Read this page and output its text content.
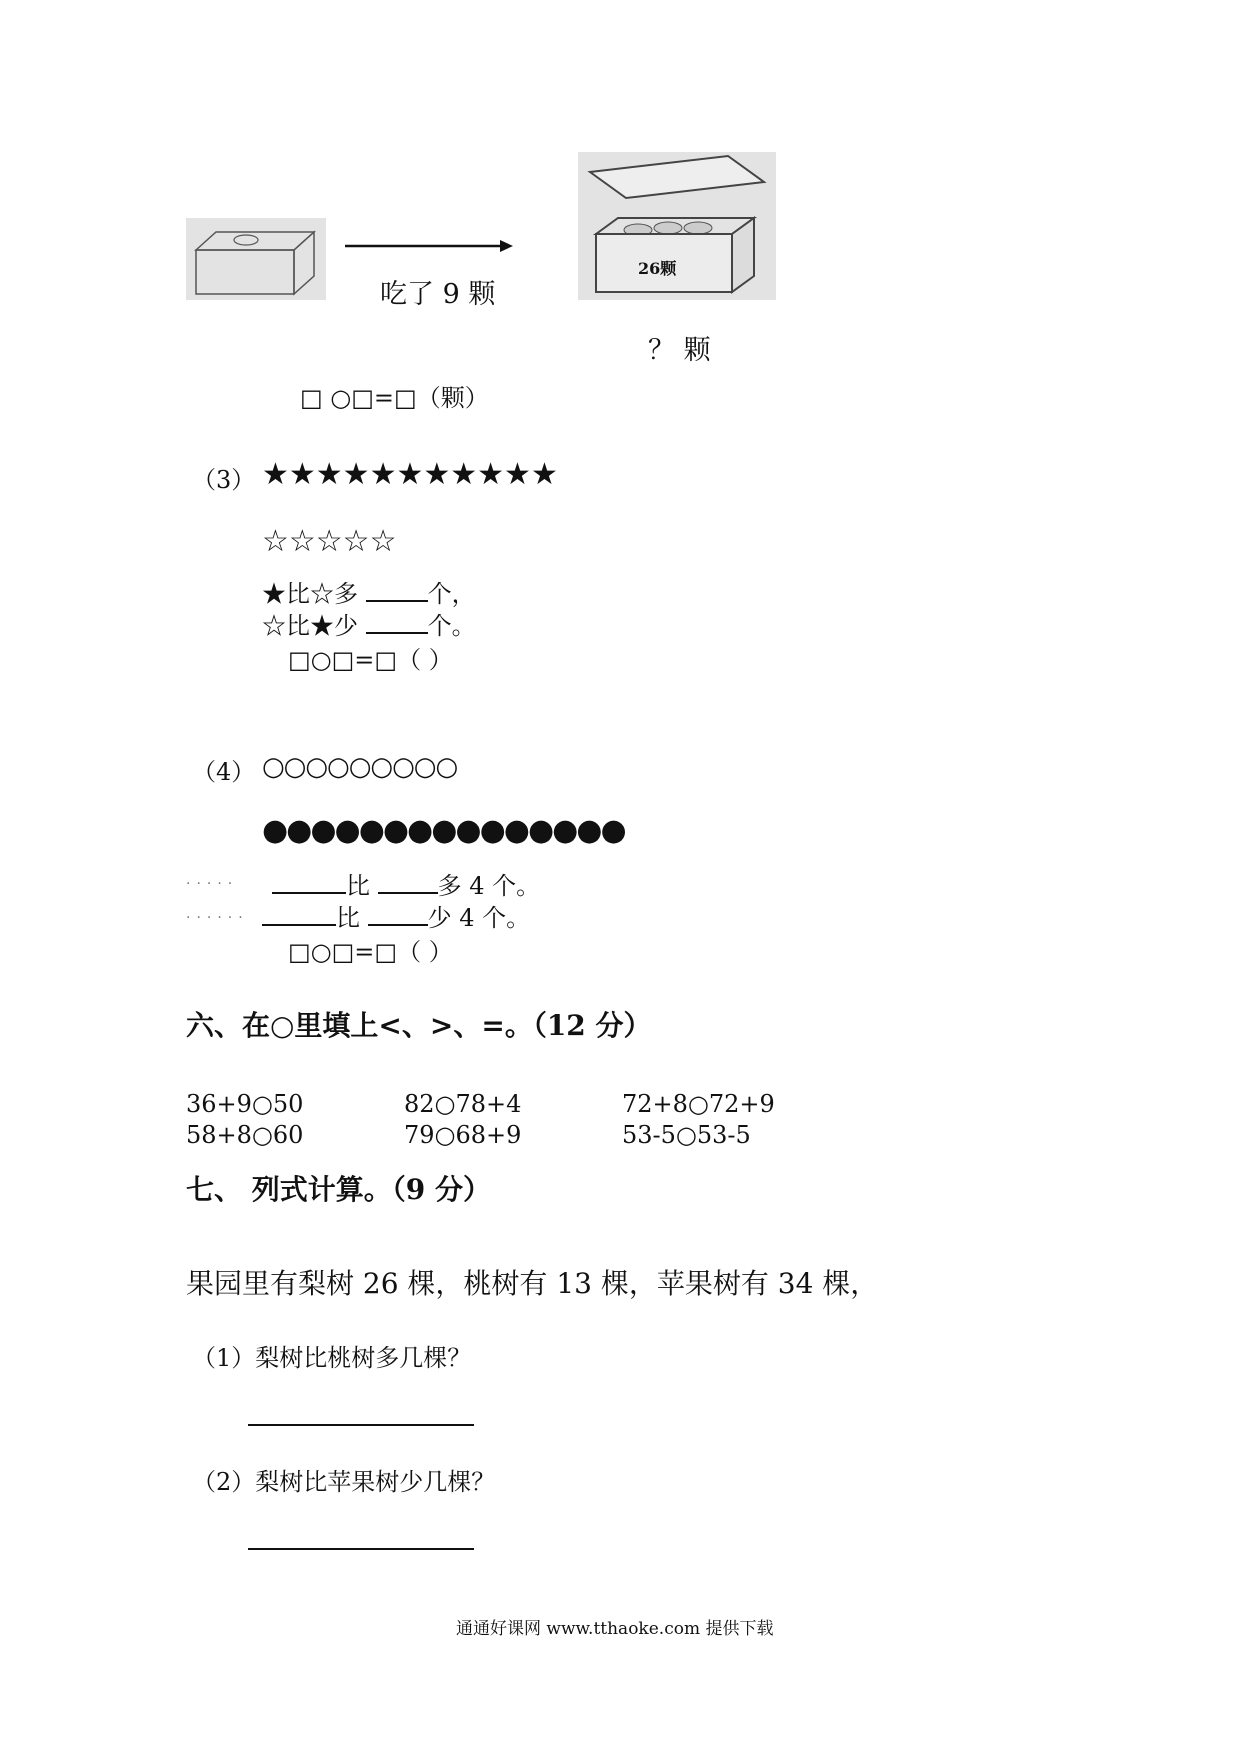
吃了 9 颗
26颗
？ 颗
□ ○□=□（颗）
（3） ★★★★★★★★★★★
☆☆☆☆☆
★比☆多	个，
☆比★少	个。
□○□=□（ ）
（4） ○○○○○○○○○
●●●●●●●●●●●●●●●
·····	比	多 4 个。
······	比	少 4 个。
□○□=□（ ）
六、在○里填上<、>、=。（12 分）
36+9○50	82○78+4	72+8○72+9
58+8○60	79○68+9	53-5○53-5
七、 列式计算。（9 分）
果园里有梨树 26 棵，桃树有 13 棵，苹果树有 34 棵，
（1）梨树比桃树多几棵？
（2）梨树比苹果树少几棵？
通通好课网 www.tthaoke.com 提供下载
